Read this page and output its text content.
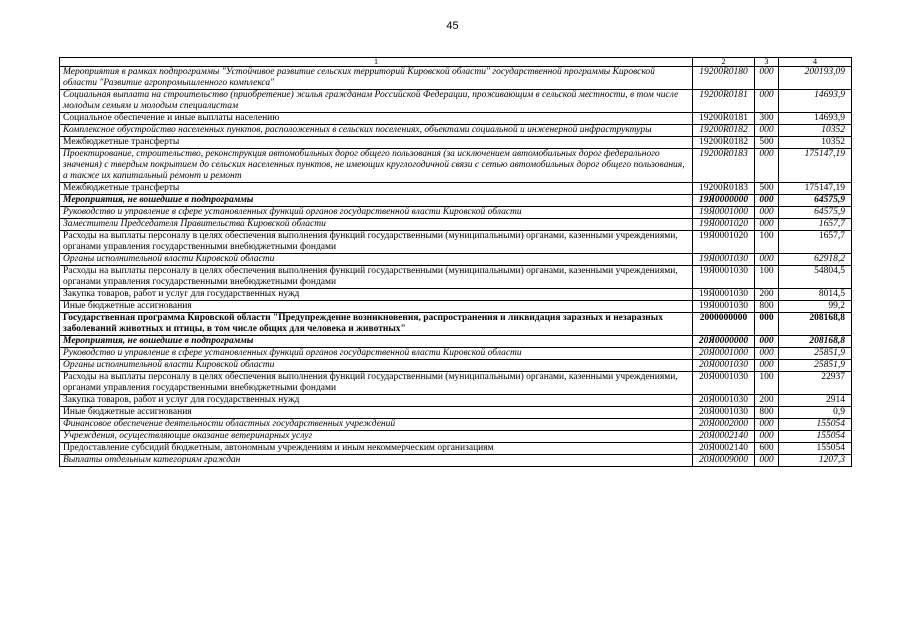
45
1	2	3	4
Мероприятия в рамках подпрограммы "Устойчивое развитие сельских территорий Кировской области" государственной программы Кировской области "Развитие агропромышленного комплекса"	19200R0180	000	200193,09
Социальная выплата на строительство (приобретение) жилья гражданам Российской Федерации, проживающим в сельской местности, в том числе молодым семьям и молодым специалистам	19200R0181	000	14693,9
Социальное обеспечение и иные выплаты населению	19200R0181	300	14693,9
Комплексное обустройство населенных пунктов, расположенных в сельских поселениях, объектами социальной и инженерной инфраструктуры	19200R0182	000	10352
Межбюджетные трансферты	19200R0182	500	10352
Проектирование, строительство, реконструкция автомобильных дорог общего пользования (за исключением автомобильных дорог федерального значения) с твердым покрытием до сельских населенных пунктов, не имеющих круглогодичной связи с сетью автомобильных дорог общего пользования, а также их капитальный ремонт и ремонт	19200R0183	000	175147,19
Межбюджетные трансферты	19200R0183	500	175147,19
Мероприятия, не вошедшие в подпрограммы	19Я0000000	000	64575,9
Руководство и управление в сфере установленных функций органов государственной власти Кировской области	19Я0001000	000	64575,9
Заместители Председателя Правительства Кировской области	19Я0001020	000	1657,7
Расходы на выплаты персоналу в целях обеспечения выполнения функций государственными (муниципальными) органами, казенными учреждениями, органами управления государственными внебюджетными фондами	19Я0001020	100	1657,7
Органы исполнительной власти Кировской области	19Я0001030	000	62918,2
Расходы на выплаты персоналу в целях обеспечения выполнения функций государственными (муниципальными) органами, казенными учреждениями, органами управления государственными внебюджетными фондами	19Я0001030	100	54804,5
Закупка товаров, работ и услуг для государственных нужд	19Я0001030	200	8014,5
Иные бюджетные ассигнования	19Я0001030	800	99,2
Государственная программа Кировской области "Предупреждение возникновения, распространения и ликвидация заразных и незаразных заболеваний животных и птицы, в том числе общих для человека и животных"	2000000000	000	208168,8
Мероприятия, не вошедшие в подпрограммы	20Я0000000	000	208168,8
Руководство и управление в сфере установленных функций органов государственной власти Кировской области	20Я0001000	000	25851,9
Органы исполнительной власти Кировской области	20Я0001030	000	25851,9
Расходы на выплаты персоналу в целях обеспечения выполнения функций государственными (муниципальными) органами, казенными учреждениями, органами управления государственными внебюджетными фондами	20Я0001030	100	22937
Закупка товаров, работ и услуг для государственных нужд	20Я0001030	200	2914
Иные бюджетные ассигнования	20Я0001030	800	0,9
Финансовое обеспечение деятельности областных государственных учреждений	20Я0002000	000	155054
Учреждения, осуществляющие оказание ветеринарных услуг	20Я0002140	000	155054
Предоставление субсидий бюджетным, автономным учреждениям и иным некоммерческим организациям	20Я0002140	600	155054
Выплаты отдельным категориям граждан	20Я0009000	000	1207,3
